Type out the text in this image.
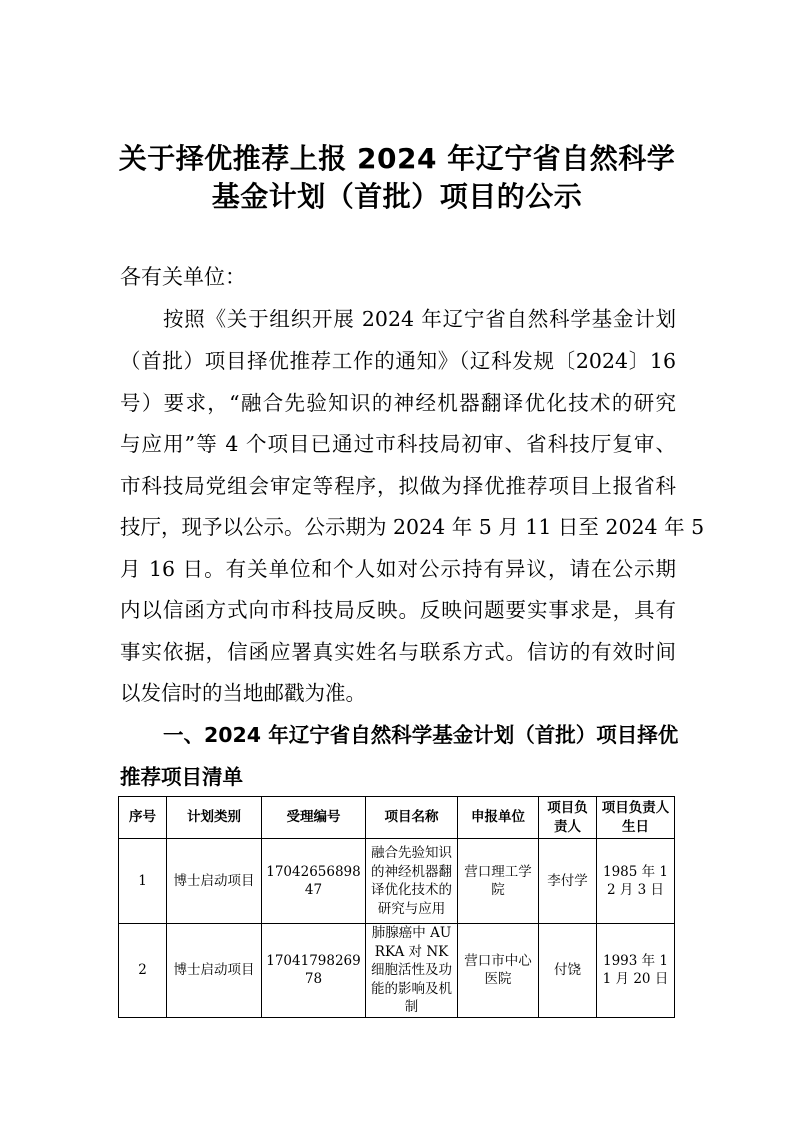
关于择优推荐上报 2024 年辽宁省自然科学
基金计划（首批）项目的公示
各有关单位：
按照《关于组织开展 2024 年辽宁省自然科学基金计划
（首批）项目择优推荐工作的通知》（辽科发规〔2024〕16
号）要求，“融合先验知识的神经机器翻译优化技术的研究
与应用”等 4 个项目已通过市科技局初审、省科技厅复审、
市科技局党组会审定等程序，拟做为择优推荐项目上报省科
技厅，现予以公示。公示期为 2024 年 5 月 11 日至 2024 年 5
月 16 日。有关单位和个人如对公示持有异议，请在公示期
内以信函方式向市科技局反映。反映问题要实事求是，具有
事实依据，信函应署真实姓名与联系方式。信访的有效时间
以发信时的当地邮戳为准。
一、2024 年辽宁省自然科学基金计划（首批）项目择优
推荐项目清单
序号	计划类别	受理编号	项目名称	申报单位	项目负责人	项目负责人生日
1	博士启动项目	1704265689847	融合先验知识的神经机器翻译优化技术的研究与应用	营口理工学院	李付学	1985 年 12 月 3 日
2	博士启动项目	1704179826978	肺腺癌中 AURKA 对 NK 细胞活性及功能的影响及机制	营口市中心医院	付饶	1993 年 11 月 20 日
